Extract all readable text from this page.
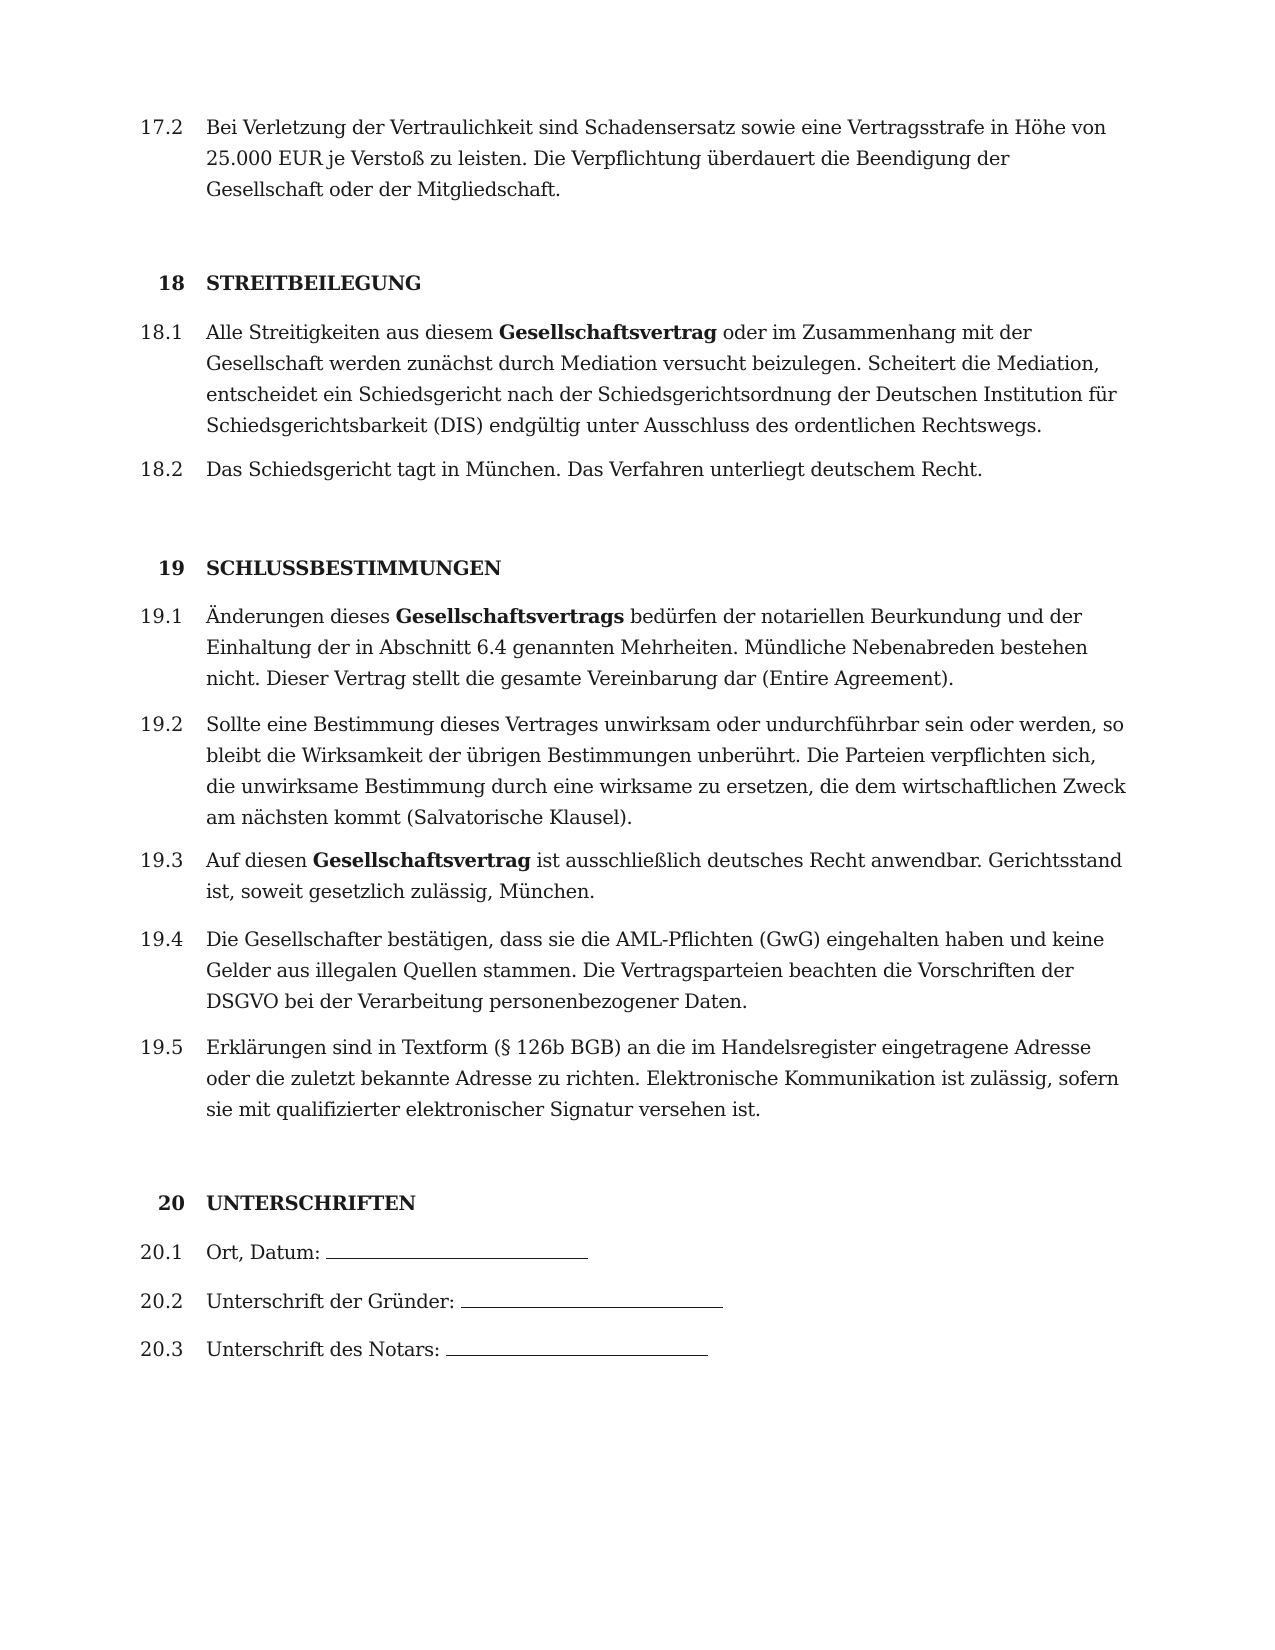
17.2	Bei Verletzung der Vertraulichkeit sind Schadensersatz sowie eine Vertragsstrafe in Höhe von 25.000 EUR je Verstoß zu leisten. Die Verpflichtung überdauert die Beendigung der Gesellschaft oder der Mitgliedschaft.
18 STREITBEILEGUNG
18.1	Alle Streitigkeiten aus diesem Gesellschaftsvertrag oder im Zusammenhang mit der Gesellschaft werden zunächst durch Mediation versucht beizulegen. Scheitert die Mediation, entscheidet ein Schiedsgericht nach der Schiedsgerichtsordnung der Deutschen Institution für Schiedsgerichtsbarkeit (DIS) endgültig unter Ausschluss des ordentlichen Rechtswegs.
18.2	Das Schiedsgericht tagt in München. Das Verfahren unterliegt deutschem Recht.
19 SCHLUSSBESTIMMUNGEN
19.1	Änderungen dieses Gesellschaftsvertrags bedürfen der notariellen Beurkundung und der Einhaltung der in Abschnitt 6.4 genannten Mehrheiten. Mündliche Nebenabreden bestehen nicht. Dieser Vertrag stellt die gesamte Vereinbarung dar (Entire Agreement).
19.2	Sollte eine Bestimmung dieses Vertrages unwirksam oder undurchführbar sein oder werden, so bleibt die Wirksamkeit der übrigen Bestimmungen unberührt. Die Parteien verpflichten sich, die unwirksame Bestimmung durch eine wirksame zu ersetzen, die dem wirtschaftlichen Zweck am nächsten kommt (Salvatorische Klausel).
19.3	Auf diesen Gesellschaftsvertrag ist ausschließlich deutsches Recht anwendbar. Gerichtsstand ist, soweit gesetzlich zulässig, München.
19.4	Die Gesellschafter bestätigen, dass sie die AML-Pflichten (GwG) eingehalten haben und keine Gelder aus illegalen Quellen stammen. Die Vertragsparteien beachten die Vorschriften der DSGVO bei der Verarbeitung personenbezogener Daten.
19.5	Erklärungen sind in Textform (§ 126b BGB) an die im Handelsregister eingetragene Adresse oder die zuletzt bekannte Adresse zu richten. Elektronische Kommunikation ist zulässig, sofern sie mit qualifizierter elektronischer Signatur versehen ist.
20 UNTERSCHRIFTEN
20.1	Ort, Datum:
20.2	Unterschrift der Gründer:
20.3	Unterschrift des Notars:
